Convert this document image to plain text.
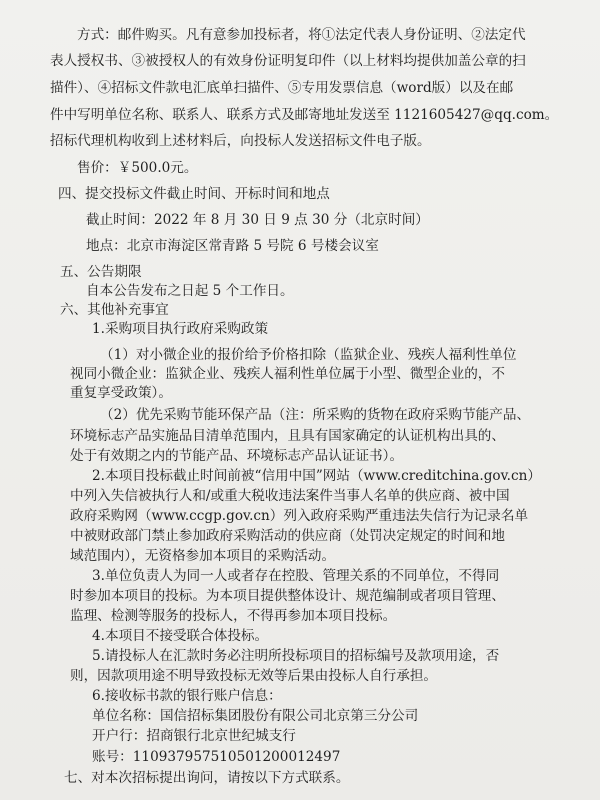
方式：邮件购买。凡有意参加投标者，将①法定代表人身份证明、②法定代
表人授权书、③被授权人的有效身份证明复印件（以上材料均提供加盖公章的扫
描件）、④招标文件款电汇底单扫描件、⑤专用发票信息（word版）以及在邮
件中写明单位名称、联系人、联系方式及邮寄地址发送至 1121605427@qq.com。
招标代理机构收到上述材料后，向投标人发送招标文件电子版。
售价：￥500.0元。
四、提交投标文件截止时间、开标时间和地点
截止时间：2022 年 8 月 30 日 9 点 30 分（北京时间）
地点：北京市海淀区常青路 5 号院 6 号楼会议室
五、公告期限
自本公告发布之日起 5 个工作日。
六、其他补充事宜
1.采购项目执行政府采购政策
（1）对小微企业的报价给予价格扣除（监狱企业、残疾人福利性单位
视同小微企业：监狱企业、残疾人福利性单位属于小型、微型企业的，不
重复享受政策）。
（2）优先采购节能环保产品（注：所采购的货物在政府采购节能产品、
环境标志产品实施品目清单范围内，且具有国家确定的认证机构出具的、
处于有效期之内的节能产品、环境标志产品认证证书）。
2.本项目投标截止时间前被“信用中国”网站（www.creditchina.gov.cn）
中列入失信被执行人和/或重大税收违法案件当事人名单的供应商、被中国
政府采购网（www.ccgp.gov.cn）列入政府采购严重违法失信行为记录名单
中被财政部门禁止参加政府采购活动的供应商（处罚决定规定的时间和地
域范围内），无资格参加本项目的采购活动。
3.单位负责人为同一人或者存在控股、管理关系的不同单位，不得同
时参加本项目的投标。为本项目提供整体设计、规范编制或者项目管理、
监理、检测等服务的投标人，不得再参加本项目投标。
4.本项目不接受联合体投标。
5.请投标人在汇款时务必注明所投标项目的招标编号及款项用途，否
则，因款项用途不明导致投标无效等后果由投标人自行承担。
6.接收标书款的银行账户信息：
单位名称：国信招标集团股份有限公司北京第三分公司
开户行：招商银行北京世纪城支行
账号：110937957510501200012497
七、对本次招标提出询问，请按以下方式联系。
